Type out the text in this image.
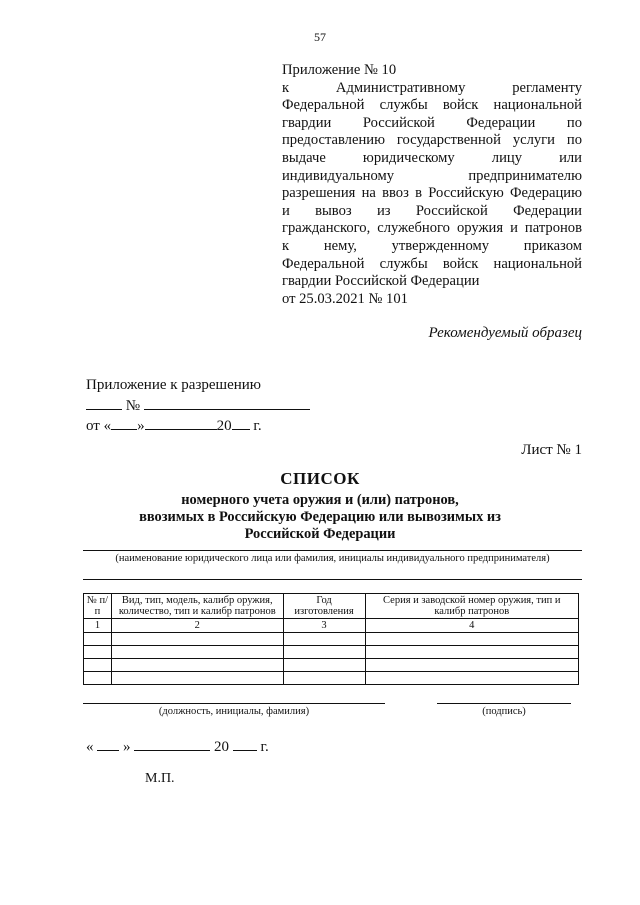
57
Приложение № 10
к Административному регламенту
Федеральной службы войск национальной
гвардии Российской Федерации по
предоставлению государственной услуги по
выдаче юридическому лицу или
индивидуальному предпринимателю
разрешения на ввоз в Российскую Федерацию
и вывоз из Российской Федерации
гражданского, служебного оружия и патронов
к нему, утвержденному приказом
Федеральной службы войск национальной
гвардии Российской Федерации
от 25.03.2021 № 101
Рекомендуемый образец
Приложение к разрешению
№
от « »	20 г.
Лист № 1
СПИСОК
номерного учета оружия и (или) патронов,
ввозимых в Российскую Федерацию или вывозимых из
Российской Федерации
(наименование юридического лица или фамилия, инициалы индивидуального предпринимателя)
№ п/п	Вид, тип, модель, калибр оружия, количество, тип и калибр патронов	Год изготовления	Серия и заводской номер оружия, тип и калибр патронов
1	2	3	4

(должность, инициалы, фамилия)	(подпись)
« »	20 г.
М.П.
